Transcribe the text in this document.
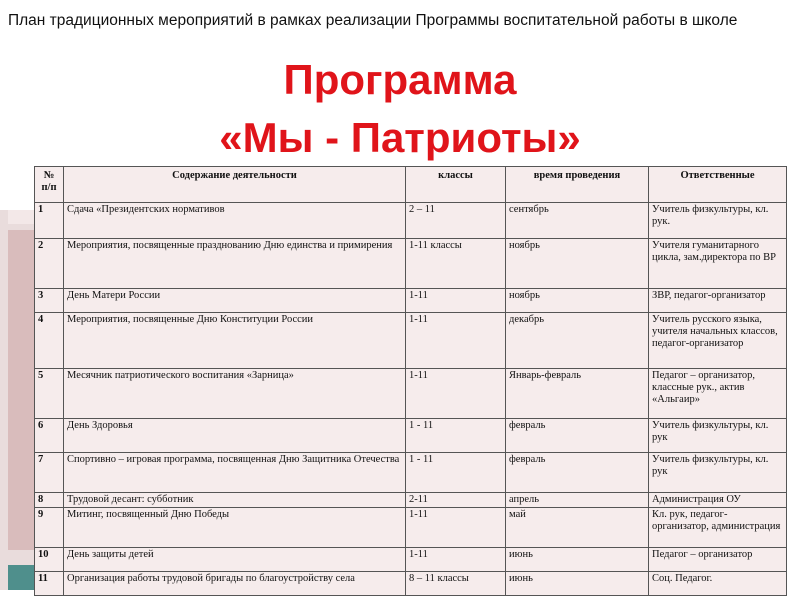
План традиционных мероприятий в рамках реализации Программы воспитательной работы в школе
Программа
«Мы - Патриоты»
№ п/п	Содержание деятельности	классы	время проведения	Ответственные
1	Сдача «Президентских нормативов	2 – 11	сентябрь	Учитель физкультуры, кл. рук.
2	Мероприятия, посвященные празднованию Дню единства и примирения	1-11 классы	ноябрь	Учителя гуманитарного цикла, зам.директора по ВР
3	День Матери России	1-11	ноябрь	ЗВР, педагог-организатор
4	Мероприятия, посвященные Дню Конституции России	1-11	декабрь	Учитель русского языка, учителя начальных классов, педагог-организатор
5	Месячник патриотического воспитания «Зарница»	1-11	Январь-февраль	Педагог – организатор, классные рук., актив «Альгаир»
6	День Здоровья	1 - 11	февраль	Учитель физкультуры, кл. рук
7	Спортивно – игровая программа, посвященная Дню Защитника Отечества	1 - 11	февраль	Учитель физкультуры, кл. рук
8	Трудовой десант: субботник	2-11	апрель	Администрация ОУ
9	Митинг, посвященный Дню Победы	1-11	май	Кл. рук, педагог-организатор, администрация
10	День защиты детей	1-11	июнь	Педагог – организатор
11	Организация работы трудовой бригады по благоустройству села	8 – 11 классы	июнь	Соц. Педагог.
